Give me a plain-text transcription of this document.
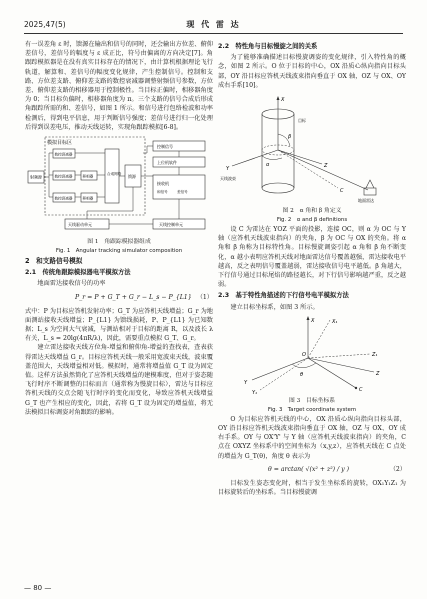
2025,47(5)	现 代 雷 达

有一误差角 ε 时，馈源在输出和信号的同时，还会输出方位差、俯仰差信号，差信号的幅度与 ε 成正比，符号由偏离的方向决定[7]。角跟踪模拟器是在没有真实目标存在的情况下，由计算机根据理论飞行轨道，解算和、差信号的幅度变化规律，产生控制信号。控制和支路、方位差支路、俯仰差支路的数控衰减器调整射频信号参数，方位差、俯仰差支路的相移器用于控制极性。当目标正偏时，相移器角度为 0；当目标负偏时，相移器角度为 π。三个支路的信号合成后形成角跟踪所需的和、差信号，如图 1 所示。和信号进行包络检波和功率检测后，得到电平信息，用于判断信号强度；差信号进行归一化处理后得到误差电压，推动天线运转，实现角跟踪模拟[6-8]。

模拟目标区
射频源
数控衰减器
数控衰减器
数控衰减器
移相器
移相器
合成网络 馈源
控制信号
上位机软件
接收机
和信号	差信号
天线驱动单元	天线控制单元

图 1　角跟踪模拟器组成

Fig. 1　Angular tracking simulator composition

2　和支路信号模拟

2.1　传统角跟踪模拟器电平模拟方法

地面雷达接收信号的功率

P_r = P + G_T + G_r − L_s − P_{L1} （1）

式中：P 为目标应答机发射功率；G_T 为应答机天线增益；G_r 为地面测站接收天线增益；P_{L1} 为馈线损耗，P、P_{L1} 为已知数据；L_s 为空间大气衰减，与测站相对于目标的距离 R，以及波长 λ 有关，L_s = 20lg(4πR/λ)，因此，需要重点模拟 G_T、G_r。

建立雷达接收天线方位角-增益和俯仰角-增益的查找表，查表获得雷达天线增益 G_r。目标应答机天线一般采用宽波束天线，波束覆盖范围大，天线增益相对低。模拟时，通常将增益值 G_T 设为固定值。这样方法虽然简化了应答机天线增益的建模难度，但对于姿态随飞行时序不断调整的目标而言（通常称为慢旋目标），雷达与目标应答机天线的交点会随飞行时序的变化而变化，导致应答机天线增益 G_T 也产生相应的变化，因此，若将 G_T 设为固定的增益值，将无法模拟目标调姿对角跟踪的影响。

2.2　特性角与目标慢旋之间的关系

为了能够准确描述目标慢旋调姿的变化规律，引入特性角的概念，如图 2 所示。O 位于目标的中心，OX 沿质心纵向指向目标头部，OY 沿目标应答机天线波束指向垂直于 OX 轴，OZ 与 OX、OY 成右手系[10]。

X
Y	Z
C
α
β
地面雷达
天线波束
目标

图 2　α 角和 β 角定义

Fig. 2　α and β definitions

设 C 为雷达在 YOZ 平面的投影，连接 OC，则 α 为 OC 与 Y 轴（应答机天线波束指向）的夹角，β 为 OC 与 OX 的夹角。将 α 角和 β 角称为目标特性角。目标慢旋调姿引起 α 角和 β 角不断变化，α 越小表明应答机天线对地面雷达信号覆盖越强，雷达接收电平越高，反之表明信号覆盖越弱，雷达接收信号电平越低。β 角越大，下行信号通过目标尾焰的路径越长，对下行信号影响越严重，反之越弱。

2.3　基于特性角描述的下行信号电平模拟方法

建立目标坐标系，如图 3 所示。

X
Y
Z
X₁
Y₁
Z₁
C
θ
O

图 3　目标坐标系

Fig. 3　Target coordinate system

O 为目标应答机天线的中心，OX 沿质心纵向指向目标头部，OY 沿目标应答机天线波束指向垂直于 OX 轴，OZ 与 OX、OY 成右手系。OY 与 OX'Y' 与 Y 轴（应答机天线波束指向）的夹角，C 点在 OXYZ 坐标系中的空间坐标为（x,y,z），应答机天线在 C 点处的增益为 G_T(θ)，角度 θ 表示为

θ = arctan( √(x² + z²) / y )	（2）

目标发生姿态变化时，相当于发生坐标系的旋转，OX₁Y₁Z₁ 为目标旋转后的坐标系。当目标慢旋调

— 80 —
